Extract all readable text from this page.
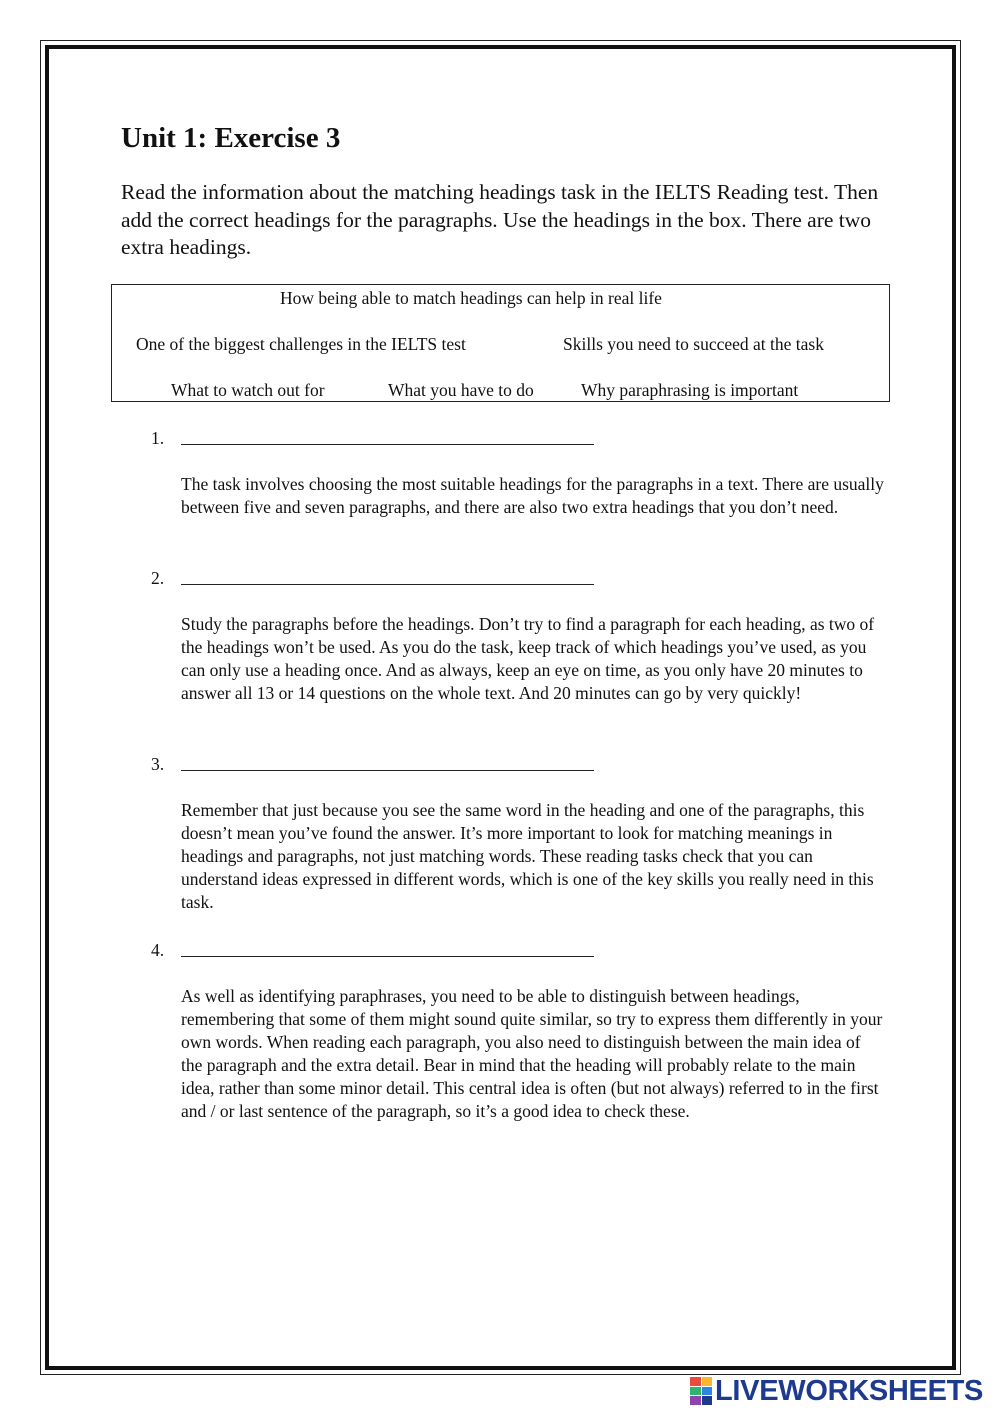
Unit 1: Exercise 3

Read the information about the matching headings task in the IELTS Reading test. Then add the correct headings for the paragraphs. Use the headings in the box. There are two extra headings.

How being able to match headings can help in real life
One of the biggest challenges in the IELTS test	Skills you need to succeed at the task
What to watch out for	What you have to do	Why paraphrasing is important
1.

The task involves choosing the most suitable headings for the paragraphs in a text. There are usually between five and seven paragraphs, and there are also two extra headings that you don’t need.

2.

Study the paragraphs before the headings. Don’t try to find a paragraph for each heading, as two of the headings won’t be used. As you do the task, keep track of which headings you’ve used, as you can only use a heading once. And as always, keep an eye on time, as you only have 20 minutes to answer all 13 or 14 questions on the whole text. And 20 minutes can go by very quickly!

3.

Remember that just because you see the same word in the heading and one of the paragraphs, this doesn’t mean you’ve found the answer. It’s more important to look for matching meanings in headings and paragraphs, not just matching words. These reading tasks check that you can understand ideas expressed in different words, which is one of the key skills you really need in this task.

4.

As well as identifying paraphrases, you need to be able to distinguish between headings, remembering that some of them might sound quite similar, so try to express them differently in your own words. When reading each paragraph, you also need to distinguish between the main idea of the paragraph and the extra detail. Bear in mind that the heading will probably relate to the main idea, rather than some minor detail. This central idea is often (but not always) referred to in the first and / or last sentence of the paragraph, so it’s a good idea to check these.

LIVEWORKSHEETS
